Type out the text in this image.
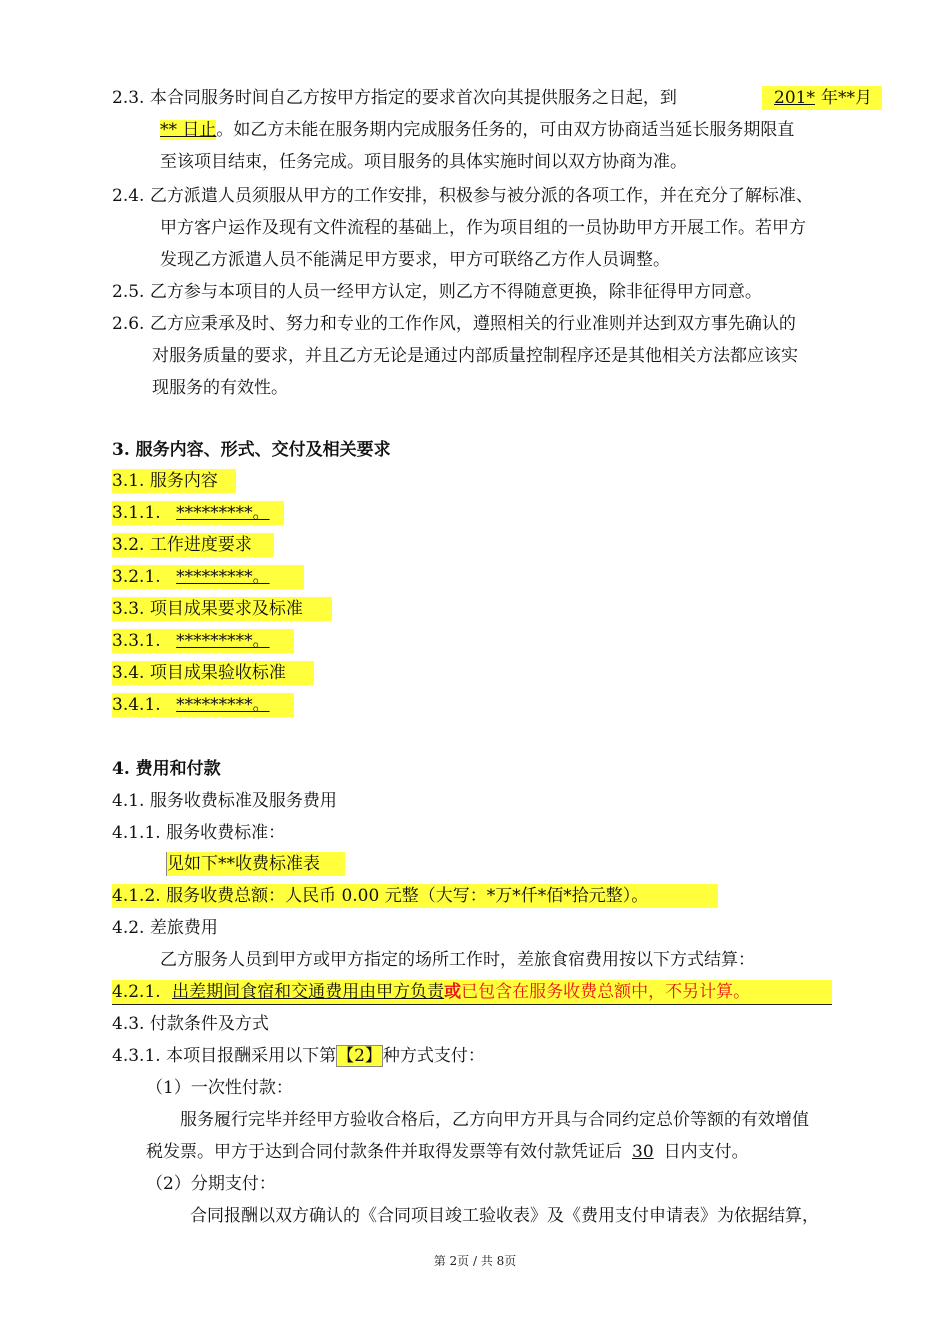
2.3. 本合同服务时间自乙方按甲方指定的要求首次向其提供服务之日起，到	201* 年**月
** 日止。如乙方未能在服务期内完成服务任务的，可由双方协商适当延长服务期限直
至该项目结束，任务完成。项目服务的具体实施时间以双方协商为准。
2.4. 乙方派遣人员须服从甲方的工作安排，积极参与被分派的各项工作，并在充分了解标准、
甲方客户运作及现有文件流程的基础上，作为项目组的一员协助甲方开展工作。若甲方
发现乙方派遣人员不能满足甲方要求，甲方可联络乙方作人员调整。
2.5. 乙方参与本项目的人员一经甲方认定，则乙方不得随意更换，除非征得甲方同意。
2.6. 乙方应秉承及时、努力和专业的工作作风，遵照相关的行业准则并达到双方事先确认的
对服务质量的要求，并且乙方无论是通过内部质量控制程序还是其他相关方法都应该实
现服务的有效性。
3. 服务内容、形式、交付及相关要求
3.1. 服务内容
3.1.1. *********。
3.2. 工作进度要求
3.2.1. *********。
3.3. 项目成果要求及标准
3.3.1. *********。
3.4. 项目成果验收标准
3.4.1. *********。
4. 费用和付款
4.1. 服务收费标准及服务费用
4.1.1. 服务收费标准：
见如下**收费标准表
4.1.2. 服务收费总额：人民币 0.00 元整（大写：*万*仟*佰*拾元整）。
4.2. 差旅费用
乙方服务人员到甲方或甲方指定的场所工作时，差旅食宿费用按以下方式结算：
4.2.1. 出差期间食宿和交通费用由甲方负责或已包含在服务收费总额中，不另计算。
4.3. 付款条件及方式
4.3.1. 本项目报酬采用以下第【2】种方式支付：
（1）一次性付款：
服务履行完毕并经甲方验收合格后，乙方向甲方开具与合同约定总价等额的有效增值
税发票。甲方于达到合同付款条件并取得发票等有效付款凭证后 30 日内支付。
（2）分期支付：
合同报酬以双方确认的《合同项目竣工验收表》及《费用支付申请表》为依据结算，
第 2页 / 共 8页
